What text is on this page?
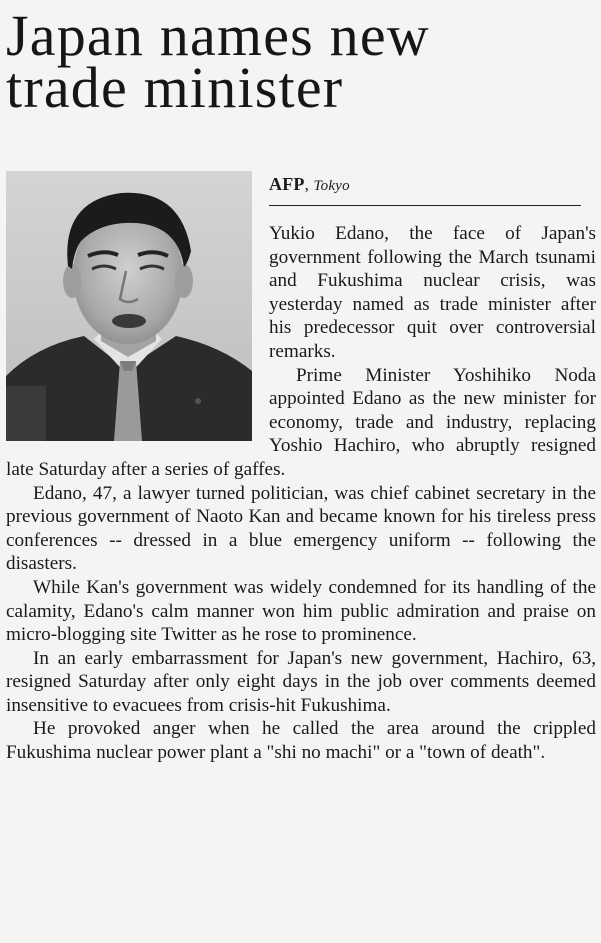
Japan names new
trade minister
AFP, Tokyo

Yukio Edano, the face of Japan's government following the March tsunami and Fukushima nuclear crisis, was yesterday named as trade minister after his predecessor quit over controversial remarks.

Prime Minister Yoshihiko Noda appointed Edano as the new minister for economy, trade and industry, replacing Yoshio Hachiro, who abruptly resigned late Saturday after a series of gaffes.

Edano, 47, a lawyer turned politician, was chief cabinet secretary in the previous government of Naoto Kan and became known for his tireless press conferences -- dressed in a blue emergency uniform -- following the disasters.

While Kan's government was widely condemned for its handling of the calamity, Edano's calm manner won him public admiration and praise on micro-blogging site Twitter as he rose to prominence.

In an early embarrassment for Japan's new government, Hachiro, 63, resigned Saturday after only eight days in the job over comments deemed insensitive to evacuees from crisis-hit Fukushima.

He provoked anger when he called the area around the crippled Fukushima nuclear power plant a "shi no machi" or a "town of death".
